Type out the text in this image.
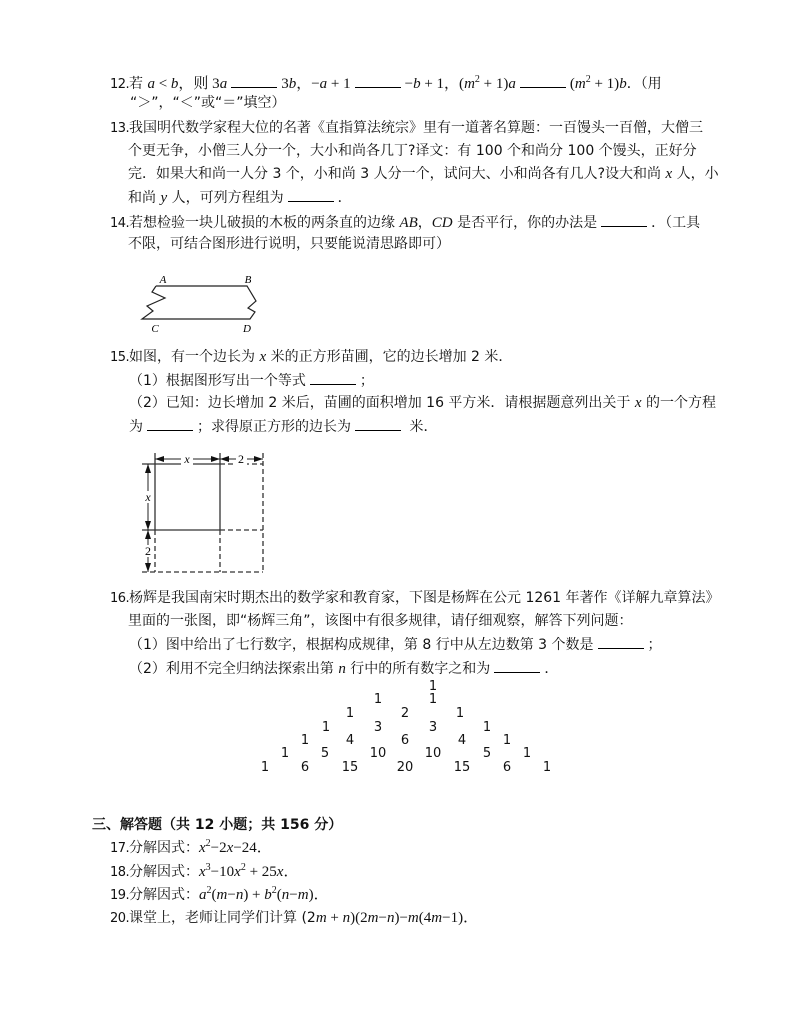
12.若 a < b，则 3a	3b，−a + 1	−b + 1，$(m^2 + 1)a$	$(m^2 + 1)b$．（用
“＞”，“＜”或“＝”填空）
13.我国明代数学家程大位的名著《直指算法统宗》里有一道著名算题：一百馒头一百僧，大僧三
个更无争，小僧三人分一个，大小和尚各几丁?译文：有 100 个和尚分 100 个馒头，正好分
完．如果大和尚一人分 3 个，小和尚 3 人分一个，试问大、小和尚各有几人?设大和尚 x 人，小
和尚 y 人，可列方程组为	．
14.若想检验一块儿破损的木板的两条直的边缘 AB，CD 是否平行，你的办法是	．（工具
不限，可结合图形进行说明，只要能说清思路即可）
A	B
C	D
15.如图，有一个边长为 x 米的正方形苗圃，它的边长增加 2 米．
（1）根据图形写出一个等式	；
（2）已知：边长增加 2 米后，苗圃的面积增加 16 平方米．请根据题意列出关于 x 的一个方程
为	；求得原正方形的边长为	米．
x	2
x
2
16.杨辉是我国南宋时期杰出的数学家和教育家，下图是杨辉在公元 1261 年著作《详解九章算法》
里面的一张图，即“杨辉三角”，该图中有很多规律，请仔细观察，解答下列问题：
（1）图中给出了七行数字，根据构成规律，第 8 行中从左边数第 3 个数是	；
（2）利用不完全归纳法探索出第 n 行中的所有数字之和为	．
1
1	1
1	2	1
1	3	3	1
1	4	6	4	1
1 5	10	10	5 1
1 6	15	20	15	6 1
三、解答题（共 12 小题；共 156 分）
17.分解因式：$x^2-2x-24$．
18.分解因式：$x^3-10x^2 + 25x$．
19.分解因式：$a^2(m-n) + b^2(n-m)$．
20.课堂上，老师让同学们计算 (2m + n)(2m−n)−m(4m−1)．
